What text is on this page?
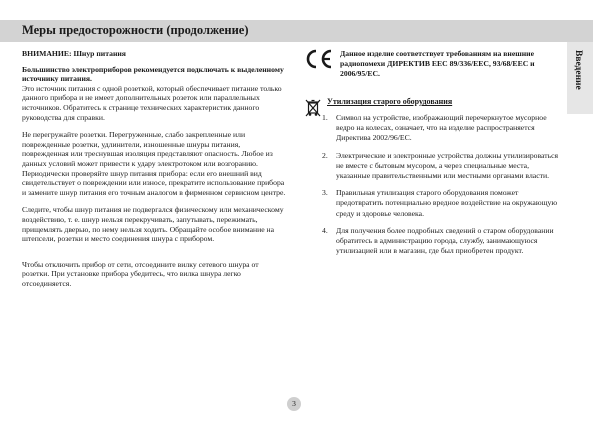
Меры предосторожности (продолжение)
Введение

ВНИМАНИЕ: Шнур питания

Большинство электроприборов рекомендуется подключать к выделенному источнику питания.

Это источник питания с одной розеткой, который обеспечивает питание только данного прибора и не имеет дополнительных розеток или параллельных источников. Обратитесь к странице технических характеристик данного руководства для справки.

Не перегружайте розетки. Перегруженные, слабо закрепленные или поврежденные розетки, удлинители, изношенные шнуры питания, поврежденная или треснувшая изоляция представляют опасность. Любое из данных условий может привести к удару электротоком или возгоранию. Периодически проверяйте шнур питания прибора: если его внешний вид свидетельствует о повреждении или износе, прекратите использование прибора и замените шнур питания его точным аналогом в фирменном сервисном центре.

Следите, чтобы шнур питания не подвергался физическому или механическому воздействию, т. е. шнур нельзя перекручивать, запутывать, пережимать, прищемлять дверью, по нему нельзя ходить. Обращайте особое внимание на штепсели, розетки и место соединения шнура с прибором.

Чтобы отключить прибор от сети, отсоедините вилку сетевого шнура от розетки. При установке прибора убедитесь, что вилка шнура легко отсоединяется.

Данное изделие соответствует требованиям на внешние радиопомехи ДИРЕКТИВ ЕЕС 89/336/ЕЕС, 93/68/ЕЕС и 2006/95/ЕС.

Утилизация старого оборудования

1. Символ на устройстве, изображающий перечеркнутое мусорное ведро на колесах, означает, что на изделие распространяется Директива 2002/96/ЕС.
2. Электрические и электронные устройства должны утилизироваться не вместе с бытовым мусором, а через специальные места, указанные правительственными или местными органами власти.
3. Правильная утилизация старого оборудования поможет предотвратить потенциально вредное воздействие на окружающую среду и здоровье человека.
4. Для получения более подробных сведений о старом оборудовании обратитесь в администрацию города, службу, занимающуюся утилизацией или в магазин, где был приобретен продукт.
3
